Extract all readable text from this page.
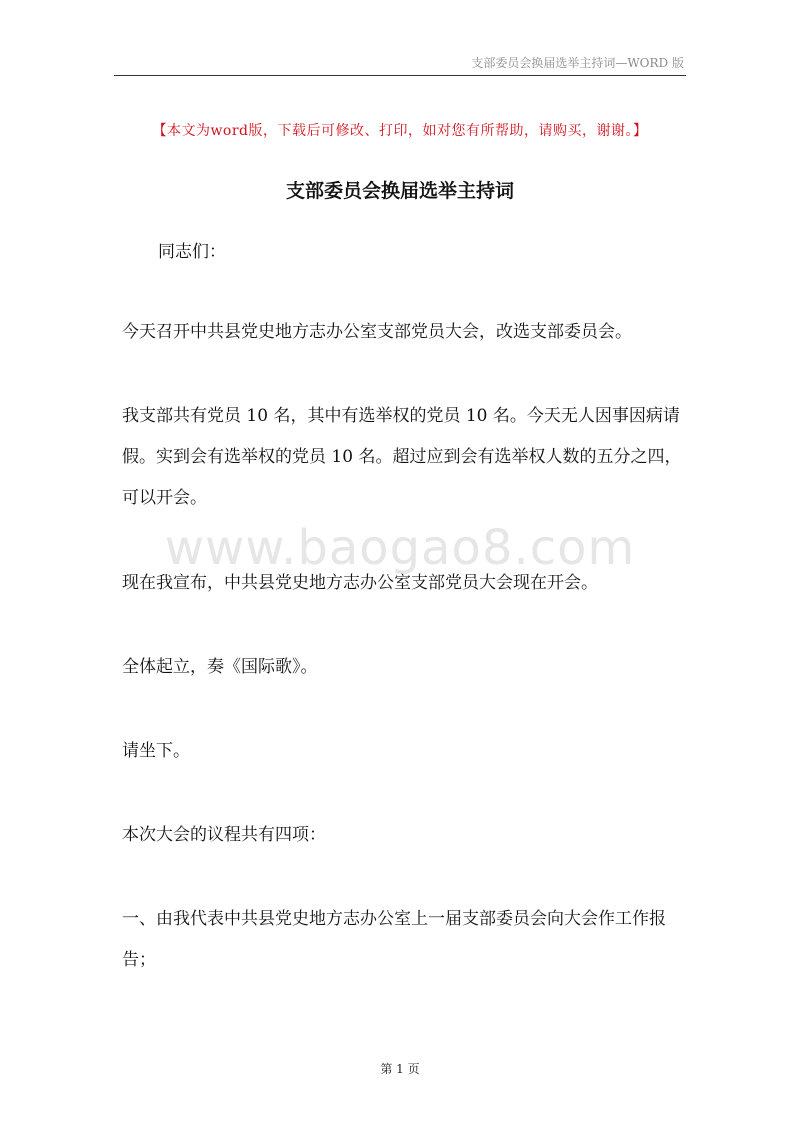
支部委员会换届选举主持词—WORD 版
【本文为word版，下载后可修改、打印，如对您有所帮助，请购买，谢谢。】
支部委员会换届选举主持词

同志们：

今天召开中共县党史地方志办公室支部党员大会，改选支部委员会。

我支部共有党员 10 名，其中有选举权的党员 10 名。今天无人因事因病请假。实到会有选举权的党员 10 名。超过应到会有选举权人数的五分之四，可以开会。

www.baogao8.com

现在我宣布，中共县党史地方志办公室支部党员大会现在开会。

全体起立，奏《国际歌》。

请坐下。

本次大会的议程共有四项：

一、由我代表中共县党史地方志办公室上一届支部委员会向大会作工作报告；

第 1 页
